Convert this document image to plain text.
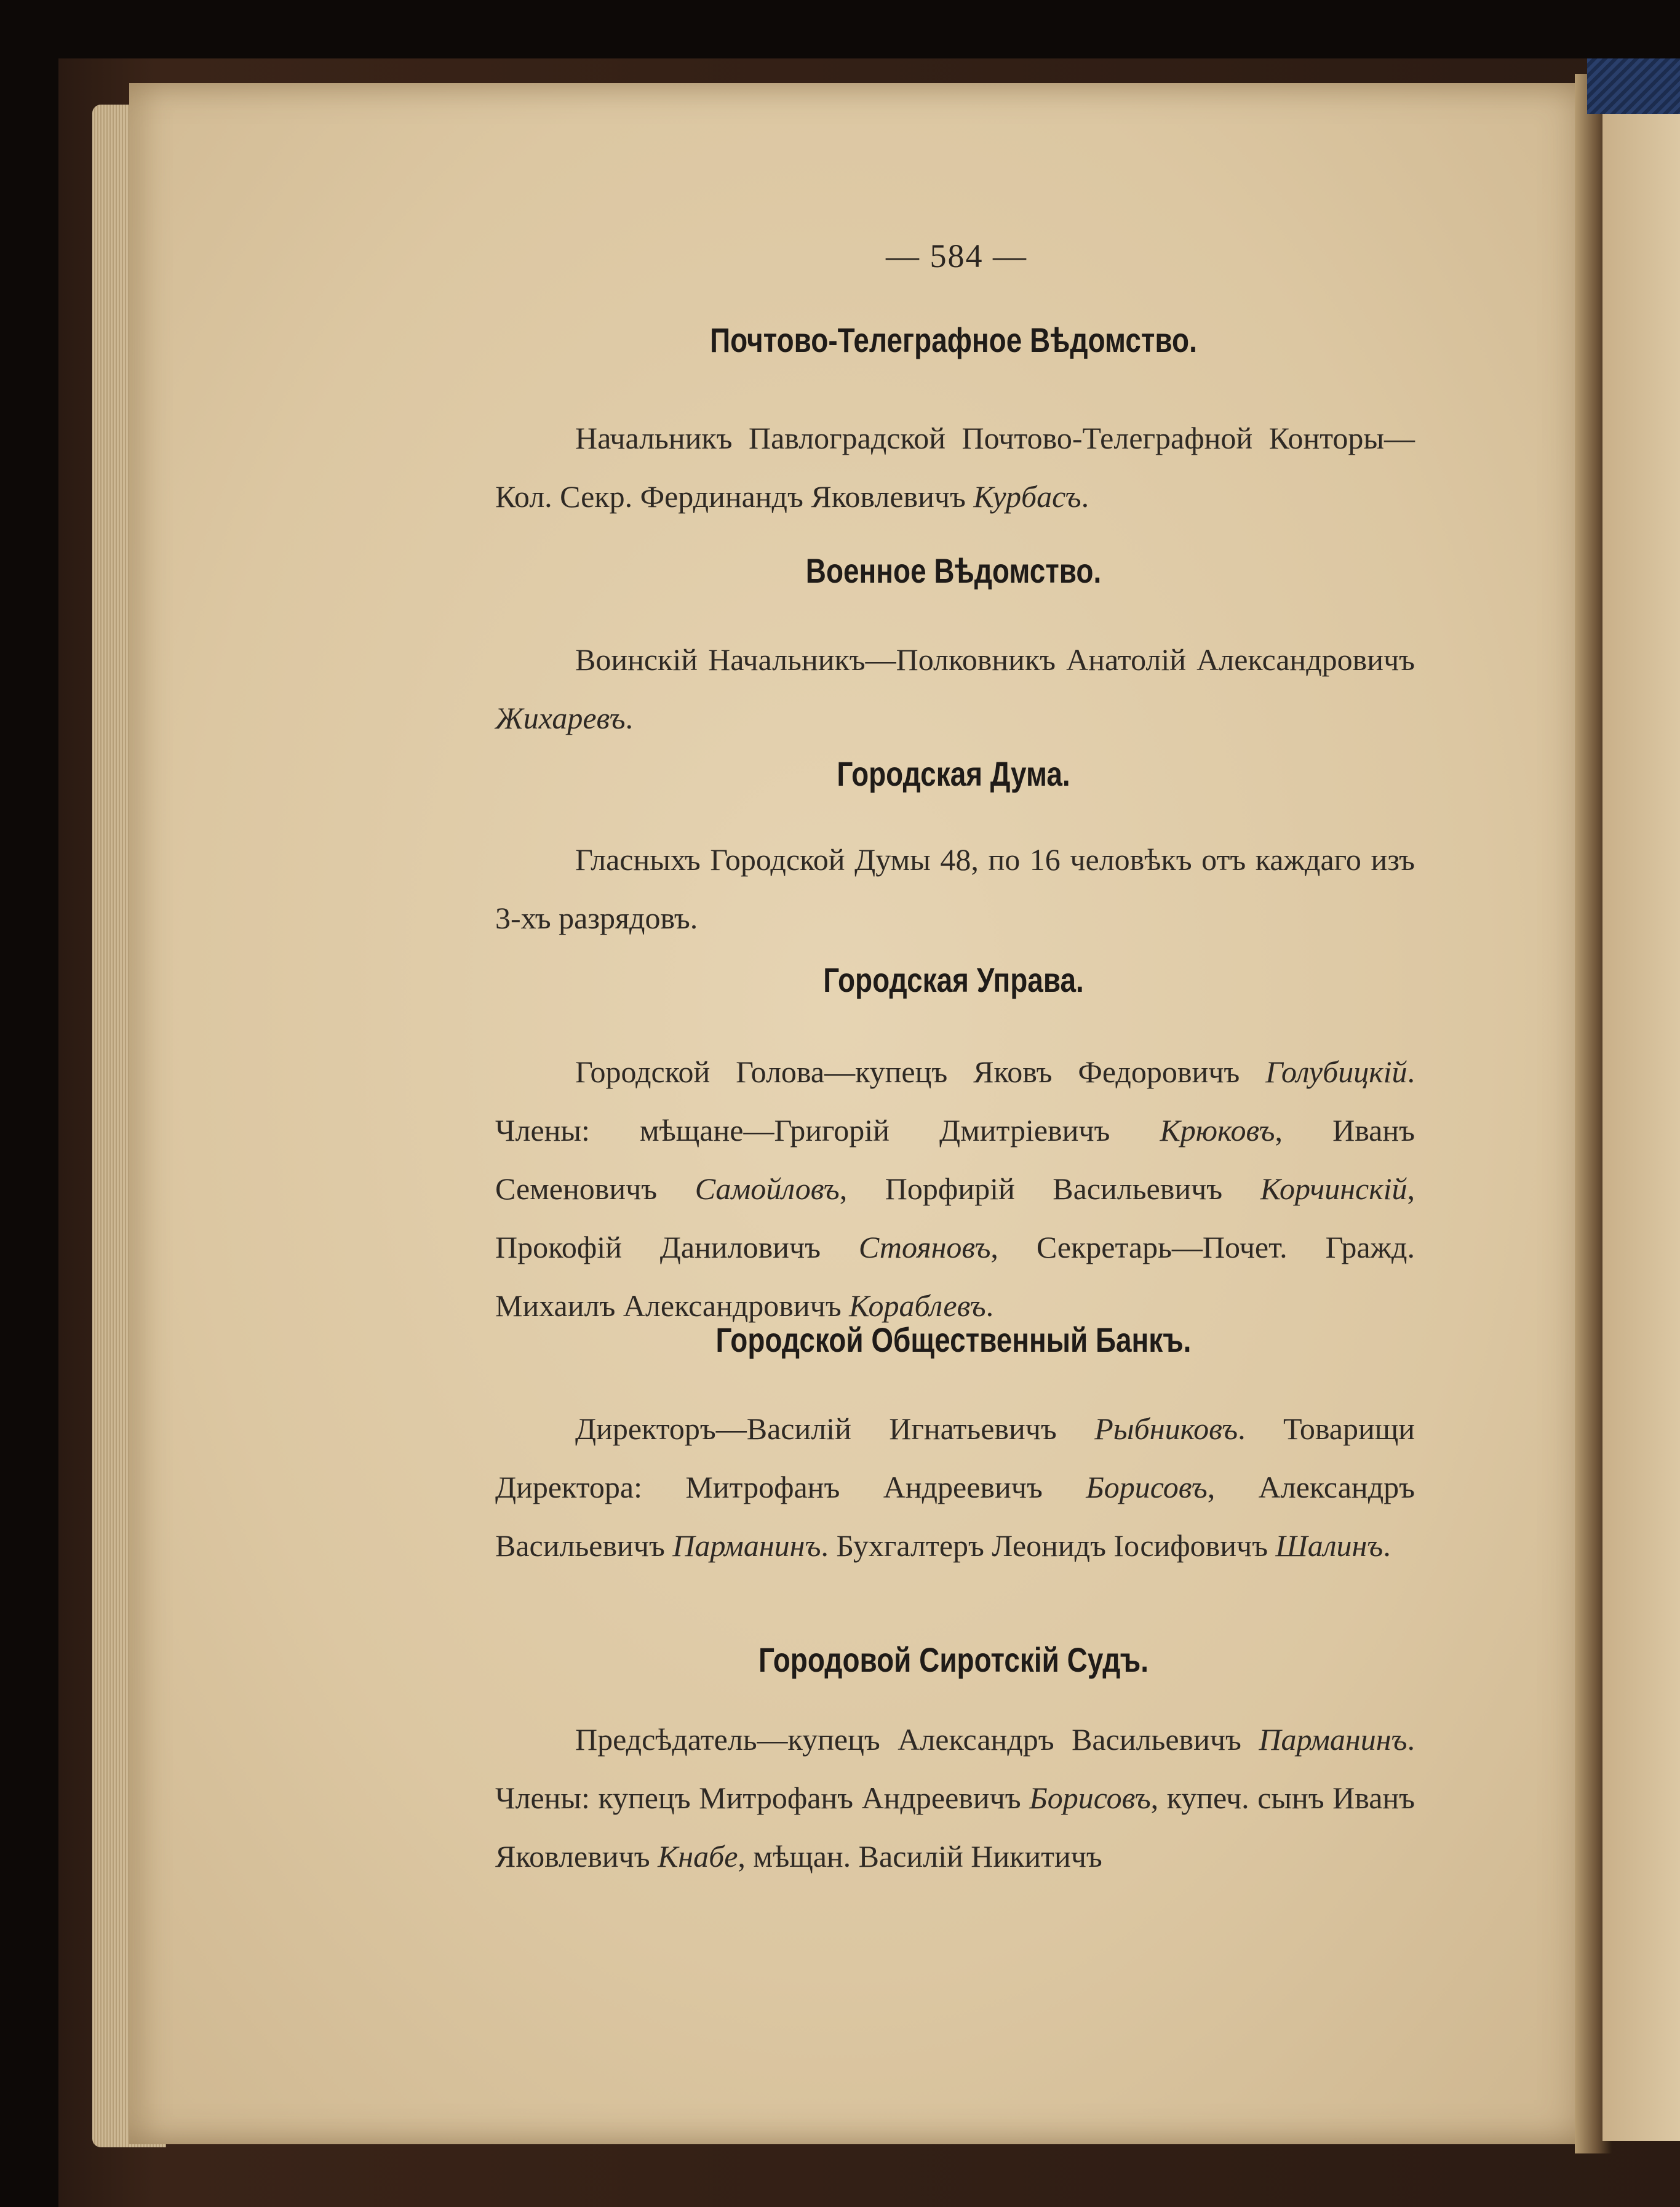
— 584 —
Почтово-Телеграфное Вѣдомство.

Начальникъ Павлоградской Почтово-Телеграфной Конторы—Кол. Секр. Фердинандъ Яковлевичъ Курбасъ.

Военное Вѣдомство.

Воинскій Начальникъ—Полковникъ Анатолій Александровичъ Жихаревъ.

Городская Дума.

Гласныхъ Городской Думы 48, по 16 человѣкъ отъ каждаго изъ 3-хъ разрядовъ.

Городская Управа.

Городской Голова—купецъ Яковъ Федоровичъ Голубицкій. Члены: мѣщане—Григорій Дмитріевичъ Крюковъ, Иванъ Семеновичъ Самойловъ, Порфирій Васильевичъ Корчинскій, Прокофій Даниловичъ Стояновъ, Секретарь—Почет. Гражд. Михаилъ Александровичъ Кораблевъ.

Городской Общественный Банкъ.

Директоръ—Василій Игнатьевичъ Рыбниковъ. Товарищи Директора: Митрофанъ Андреевичъ Борисовъ, Александръ Васильевичъ Парманинъ. Бухгалтеръ Леонидъ Іосифовичъ Шалинъ.

Городовой Сиротскій Судъ.

Предсѣдатель—купецъ Александръ Васильевичъ Парманинъ. Члены: купецъ Митрофанъ Андреевичъ Борисовъ, купеч. сынъ Иванъ Яковлевичъ Кнабе, мѣщан. Василій Никитичъ
